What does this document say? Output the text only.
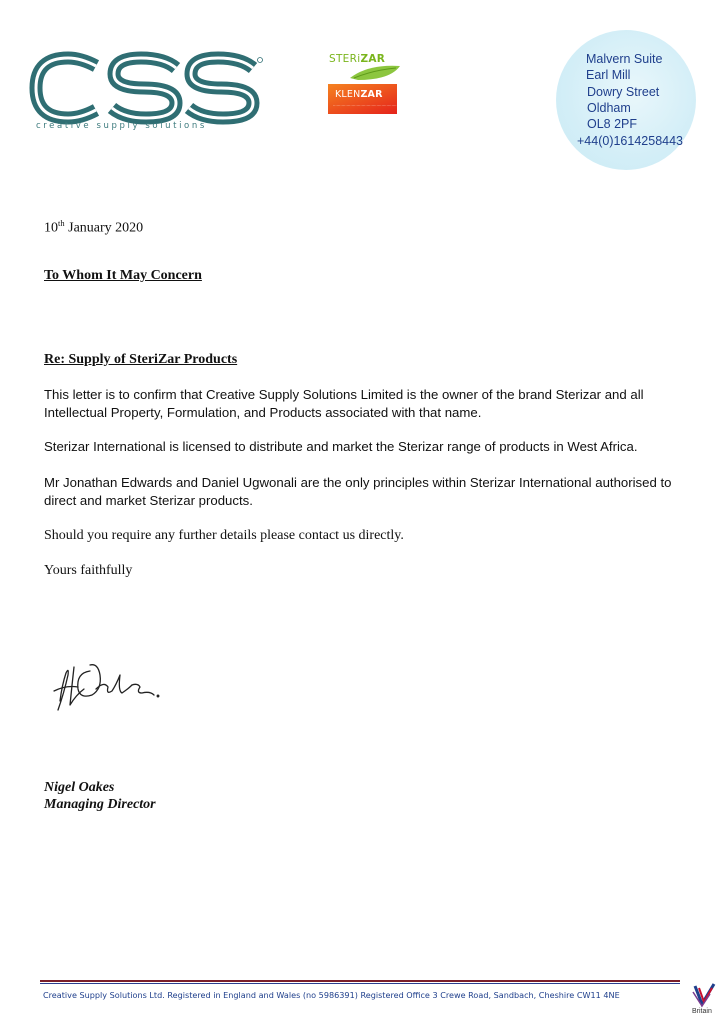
creative supply solutions
STERiZAR
KLENZAR
·····················································
Malvern Suite
Earl Mill
Dowry Street
Oldham
OL8 2PF
+44(0)1614258443
10th January 2020
To Whom It May Concern
Re: Supply of SteriZar Products
This letter is to confirm that Creative Supply Solutions Limited is the owner of the brand Sterizar and all Intellectual Property, Formulation, and Products associated with that name.
Sterizar International is licensed to distribute and market the Sterizar range of products in West Africa.
Mr Jonathan Edwards and Daniel Ugwonali are the only principles within Sterizar International authorised to direct and market Sterizar products.
Should you require any further details please contact us directly.
Yours faithfully
Nigel Oakes
Managing Director
Creative Supply Solutions Ltd. Registered in England and Wales (no 5986391) Registered Office 3 Crewe Road, Sandbach, Cheshire CW11 4NE
Britain
